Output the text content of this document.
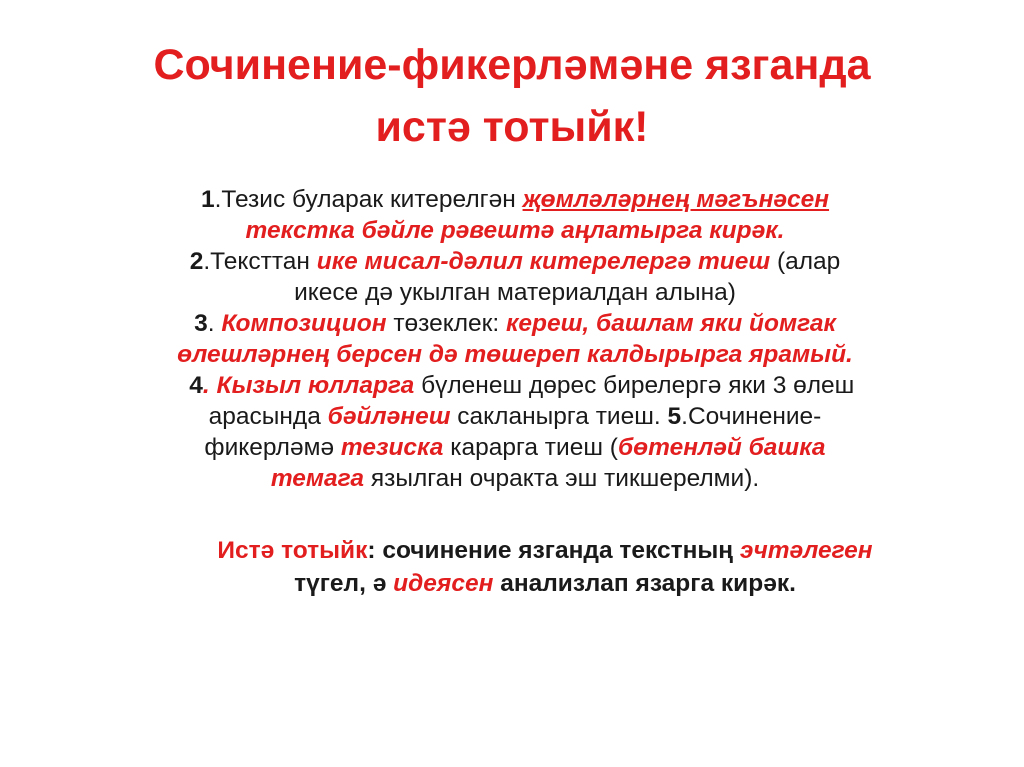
Сочинение-фикерләмәне язганда
истә тотыйк!
1.Тезис буларак китерелгән җөмләләрнең мәгънәсен
текстка бәйле рәвештә аңлатырга кирәк.
2.Тексттан ике мисал-дәлил китерелергә тиеш (алар
икесе дә укылган материалдан алына)
3. Композицион төзеклек: кереш, башлам яки йомгак
өлешләрнең берсен дә төшереп калдырырга ярамый.
4. Кызыл юлларга бүленеш дөрес бирелергә яки 3 өлеш
арасында бәйләнеш сакланырга тиеш. 5.Сочинение-
фикерләмә тезиска карарга тиеш (бөтенләй башка
темага язылган очракта эш тикшерелми).
Истә тотыйк: сочинение язганда текстның эчтәлеген
түгел, ә идеясен анализлап язарга кирәк.
